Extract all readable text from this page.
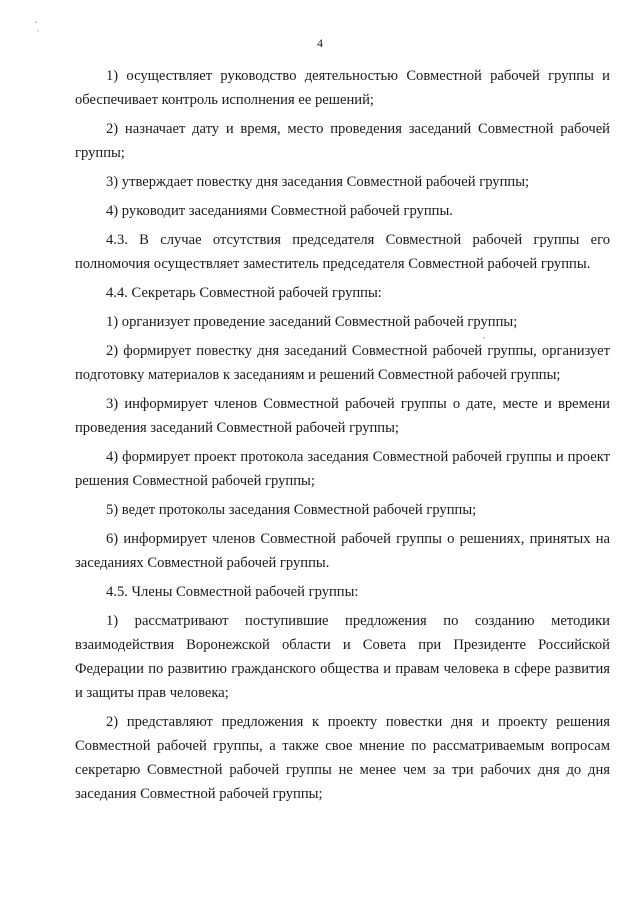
4

1) осуществляет руководство деятельностью Совместной рабочей группы и обеспечивает контроль исполнения ее решений;

2) назначает дату и время, место проведения заседаний Совместной рабочей группы;

3) утверждает повестку дня заседания Совместной рабочей группы;

4) руководит заседаниями Совместной рабочей группы.

4.3. В случае отсутствия председателя Совместной рабочей группы его полномочия осуществляет заместитель председателя Совместной рабочей группы.

4.4. Секретарь Совместной рабочей группы:

1) организует проведение заседаний Совместной рабочей группы;

2) формирует повестку дня заседаний Совместной рабочей группы, организует подготовку материалов к заседаниям и решений Совместной рабочей группы;

3) информирует членов Совместной рабочей группы о дате, месте и времени проведения заседаний Совместной рабочей группы;

4) формирует проект протокола заседания Совместной рабочей группы и проект решения Совместной рабочей группы;

5) ведет протоколы заседания Совместной рабочей группы;

6) информирует членов Совместной рабочей группы о решениях, принятых на заседаниях Совместной рабочей группы.

4.5. Члены Совместной рабочей группы:

1) рассматривают поступившие предложения по созданию методики взаимодействия Воронежской области и Совета при Президенте Российской Федерации по развитию гражданского общества и правам человека в сфере развития и защиты прав человека;

2) представляют предложения к проекту повестки дня и проекту решения Совместной рабочей группы, а также свое мнение по рассматриваемым вопросам секретарю Совместной рабочей группы не менее чем за три рабочих дня до дня заседания Совместной рабочей группы;
